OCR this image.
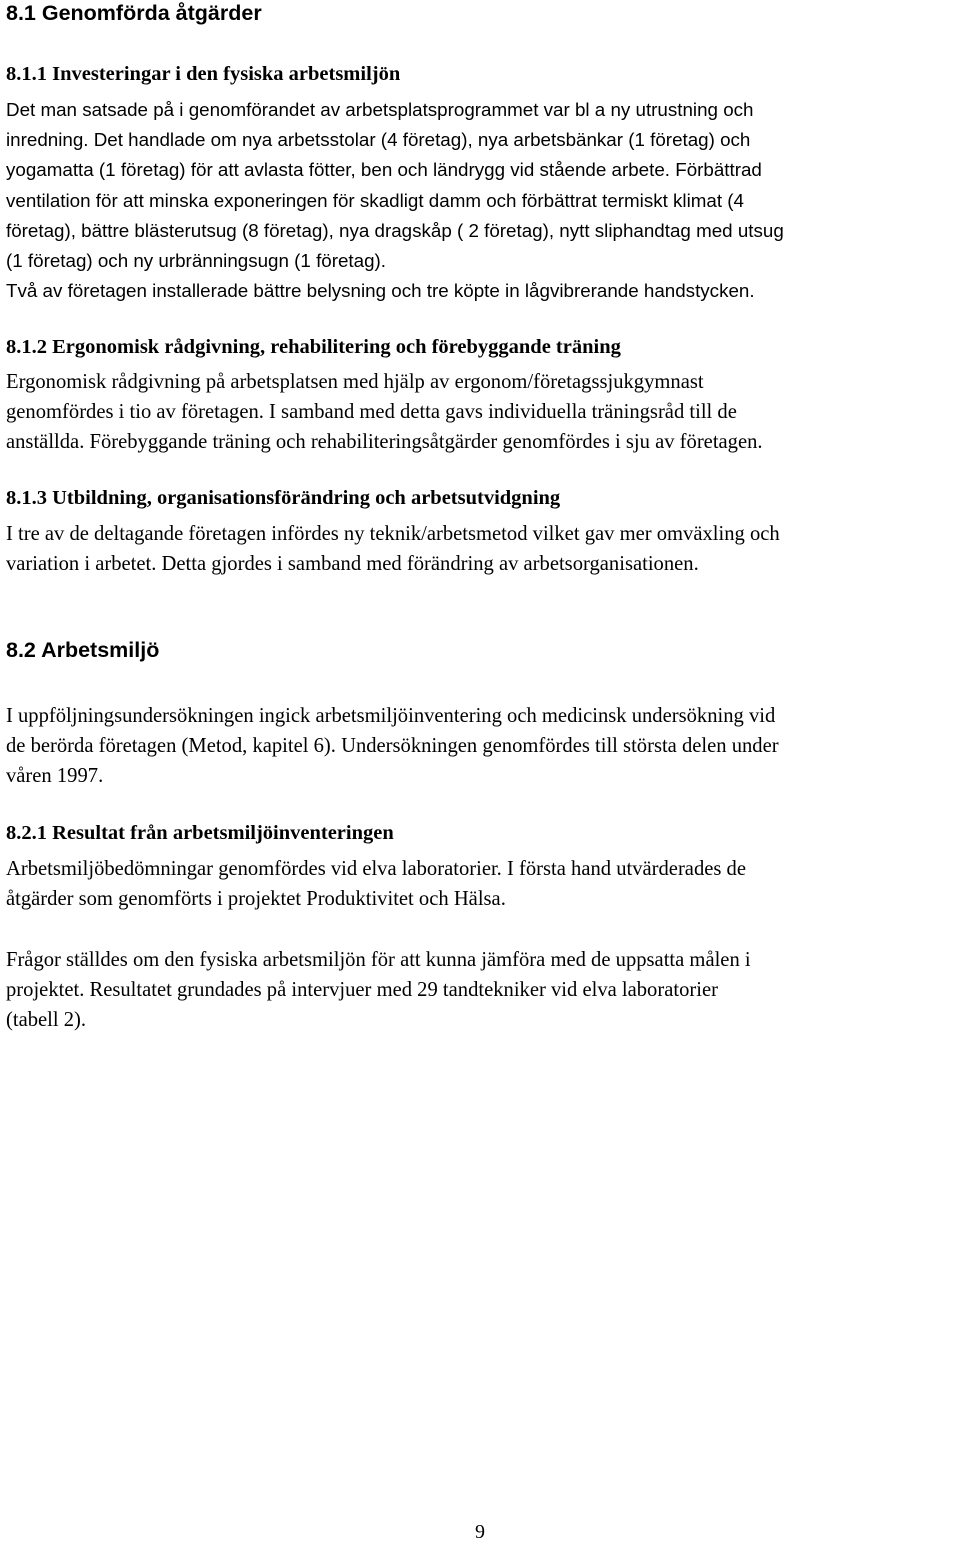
8.1 Genomförda åtgärder
8.1.1 Investeringar i den fysiska arbetsmiljön

Det man satsade på i genomförandet av arbetsplatsprogrammet var bl a ny utrustning och
inredning. Det handlade om nya arbetsstolar (4 företag), nya arbetsbänkar (1 företag) och
yogamatta (1 företag) för att avlasta fötter, ben och ländrygg vid stående arbete. Förbättrad
ventilation för att minska exponeringen för skadligt damm och förbättrat termiskt klimat (4
företag), bättre blästerutsug (8 företag), nya dragskåp ( 2 företag), nytt sliphandtag med utsug
(1 företag) och ny urbränningsugn (1 företag).
Två av företagen installerade bättre belysning och tre köpte in lågvibrerande handstycken.

8.1.2 Ergonomisk rådgivning, rehabilitering och förebyggande träning

Ergonomisk rådgivning på arbetsplatsen med hjälp av ergonom/företagssjukgymnast
genomfördes i tio av företagen. I samband med detta gavs individuella träningsråd till de
anställda. Förebyggande träning och rehabiliteringsåtgärder genomfördes i sju av företagen.

8.1.3 Utbildning, organisationsförändring och arbetsutvidgning

I tre av de deltagande företagen infördes ny teknik/arbetsmetod vilket gav mer omväxling och
variation i arbetet. Detta gjordes i samband med förändring av arbetsorganisationen.

8.2 Arbetsmiljö

I uppföljningsundersökningen ingick arbetsmiljöinventering och medicinsk undersökning vid
de berörda företagen (Metod, kapitel 6). Undersökningen genomfördes till största delen under
våren 1997.

8.2.1 Resultat från arbetsmiljöinventeringen

Arbetsmiljöbedömningar genomfördes vid elva laboratorier. I första hand utvärderades de
åtgärder som genomförts i projektet Produktivitet och Hälsa.

Frågor ställdes om den fysiska arbetsmiljön för att kunna jämföra med de uppsatta målen i
projektet. Resultatet grundades på intervjuer med 29 tandtekniker vid elva laboratorier
(tabell 2).

9
